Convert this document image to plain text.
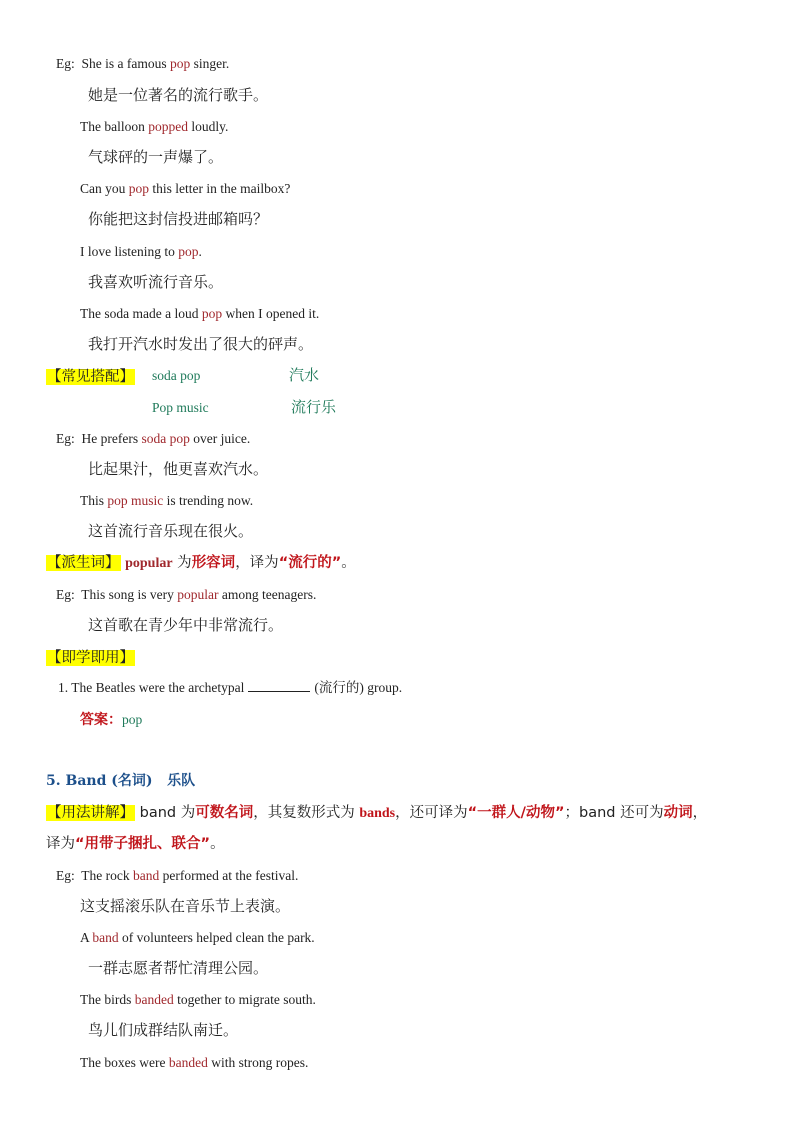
Eg: She is a famous pop singer.
她是一位著名的流行歌手。
The balloon popped loudly.
气球砰的一声爆了。
Can you pop this letter in the mailbox?
你能把这封信投进邮箱吗？
I love listening to pop.
我喜欢听流行音乐。
The soda made a loud pop when I opened it.
我打开汽水时发出了很大的砰声。
【常见搭配】 soda pop	汽水
Pop music	流行乐
Eg: He prefers soda pop over juice.
比起果汁，他更喜欢汽水。
This pop music is trending now.
这首流行音乐现在很火。
【派生词】 popular 为形容词，译为“流行的”。
Eg: This song is very popular among teenagers.
这首歌在青少年中非常流行。
【即学即用】
1. The Beatles were the archetypal	(流行的) group.
答案：pop
5. Band (名词) 乐队
【用法讲解】 band 为可数名词，其复数形式为 bands，还可译为“一群人/动物”；band 还可为动词，
译为“用带子捆扎、联合”。
Eg: The rock band performed at the festival.
这支摇滚乐队在音乐节上表演。
A band of volunteers helped clean the park.
一群志愿者帮忙清理公园。
The birds banded together to migrate south.
鸟儿们成群结队南迁。
The boxes were banded with strong ropes.
